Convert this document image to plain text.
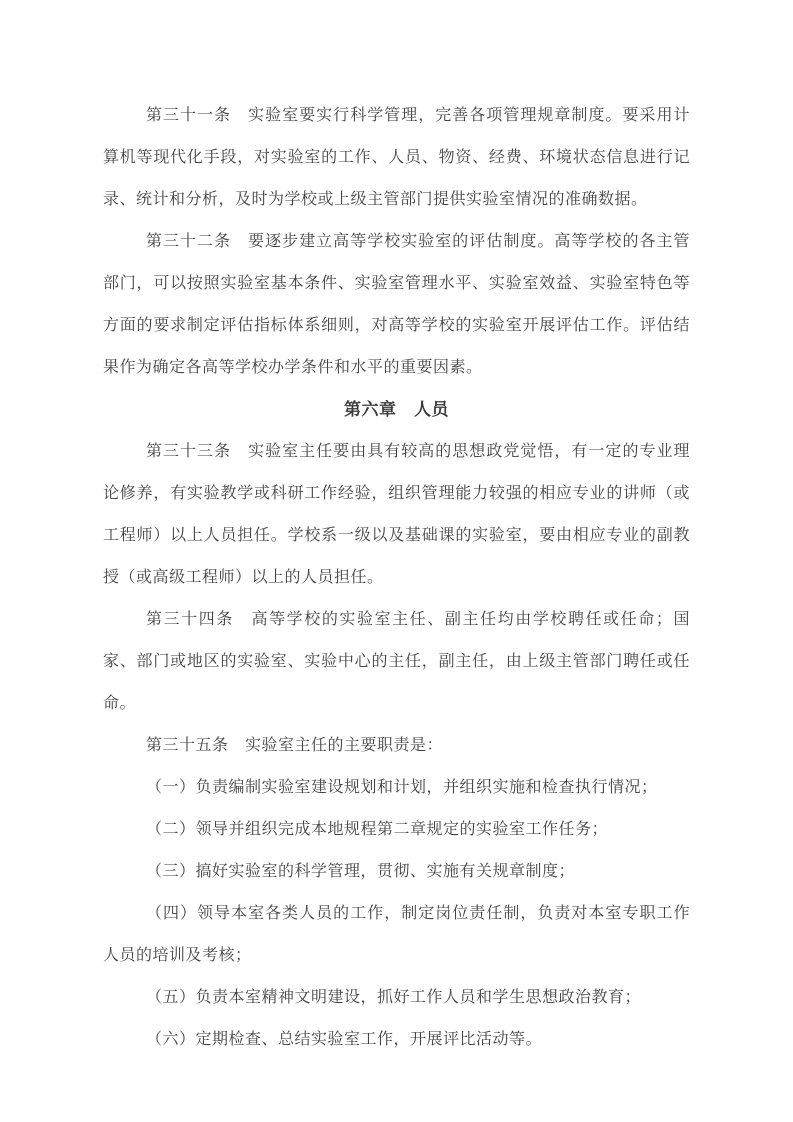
第三十一条　实验室要实行科学管理，完善各项管理规章制度。要采用计算机等现代化手段，对实验室的工作、人员、物资、经费、环境状态信息进行记录、统计和分析，及时为学校或上级主管部门提供实验室情况的准确数据。

第三十二条　要逐步建立高等学校实验室的评估制度。高等学校的各主管部门，可以按照实验室基本条件、实验室管理水平、实验室效益、实验室特色等方面的要求制定评估指标体系细则，对高等学校的实验室开展评估工作。评估结果作为确定各高等学校办学条件和水平的重要因素。

第六章　人员

第三十三条　实验室主任要由具有较高的思想政党觉悟，有一定的专业理论修养，有实验教学或科研工作经验，组织管理能力较强的相应专业的讲师（或工程师）以上人员担任。学校系一级以及基础课的实验室，要由相应专业的副教授（或高级工程师）以上的人员担任。

第三十四条　高等学校的实验室主任、副主任均由学校聘任或任命；国家、部门或地区的实验室、实验中心的主任，副主任，由上级主管部门聘任或任命。

第三十五条　实验室主任的主要职责是：

（一）负责编制实验室建设规划和计划，并组织实施和检查执行情况；

（二）领导并组织完成本地规程第二章规定的实验室工作任务；

（三）搞好实验室的科学管理，贯彻、实施有关规章制度；

（四）领导本室各类人员的工作，制定岗位责任制，负责对本室专职工作人员的培训及考核；

（五）负责本室精神文明建设，抓好工作人员和学生思想政治教育；

（六）定期检查、总结实验室工作，开展评比活动等。
